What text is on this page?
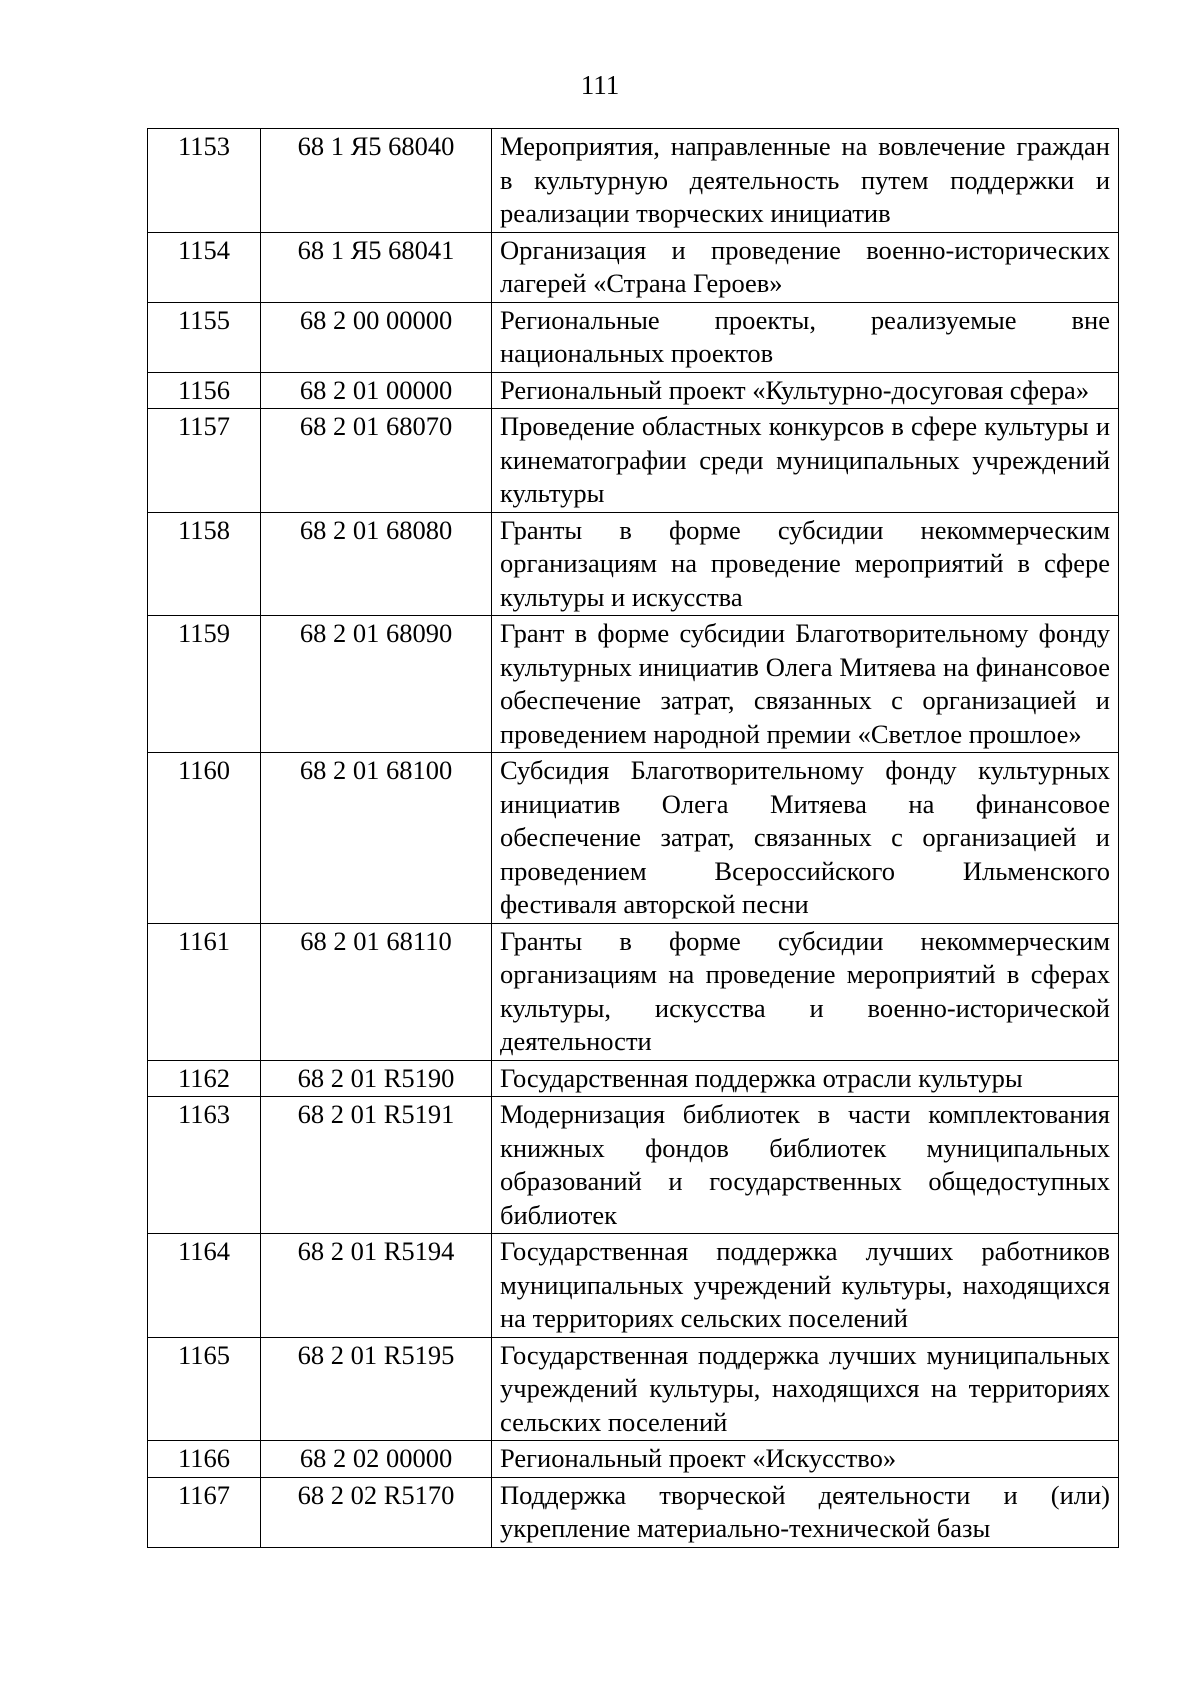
111
1153	68 1 Я5 68040	Мероприятия, направленные на вовлечение граждан в культурную деятельность путем поддержки и реализации творческих инициатив
1154	68 1 Я5 68041	Организация и проведение военно-исторических лагерей «Страна Героев»
1155	68 2 00 00000	Региональные проекты, реализуемые вне национальных проектов
1156	68 2 01 00000	Региональный проект «Культурно-досуговая сфера»
1157	68 2 01 68070	Проведение областных конкурсов в сфере культуры и кинематографии среди муниципальных учреждений культуры
1158	68 2 01 68080	Гранты в форме субсидии некоммерческим организациям на проведение мероприятий в сфере культуры и искусства
1159	68 2 01 68090	Грант в форме субсидии Благотворительному фонду культурных инициатив Олега Митяева на финансовое обеспечение затрат, связанных с организацией и проведением народной премии «Светлое прошлое»
1160	68 2 01 68100	Субсидия Благотворительному фонду культурных инициатив Олега Митяева на финансовое обеспечение затрат, связанных с организацией и проведением Всероссийского Ильменского фестиваля авторской песни
1161	68 2 01 68110	Гранты в форме субсидии некоммерческим организациям на проведение мероприятий в сферах культуры, искусства и военно-исторической деятельности
1162	68 2 01 R5190	Государственная поддержка отрасли культуры
1163	68 2 01 R5191	Модернизация библиотек в части комплектования книжных фондов библиотек муниципальных образований и государственных общедоступных библиотек
1164	68 2 01 R5194	Государственная поддержка лучших работников муниципальных учреждений культуры, находящихся на территориях сельских поселений
1165	68 2 01 R5195	Государственная поддержка лучших муниципальных учреждений культуры, находящихся на территориях сельских поселений
1166	68 2 02 00000	Региональный проект «Искусство»
1167	68 2 02 R5170	Поддержка творческой деятельности и (или) укрепление материально-технической базы
